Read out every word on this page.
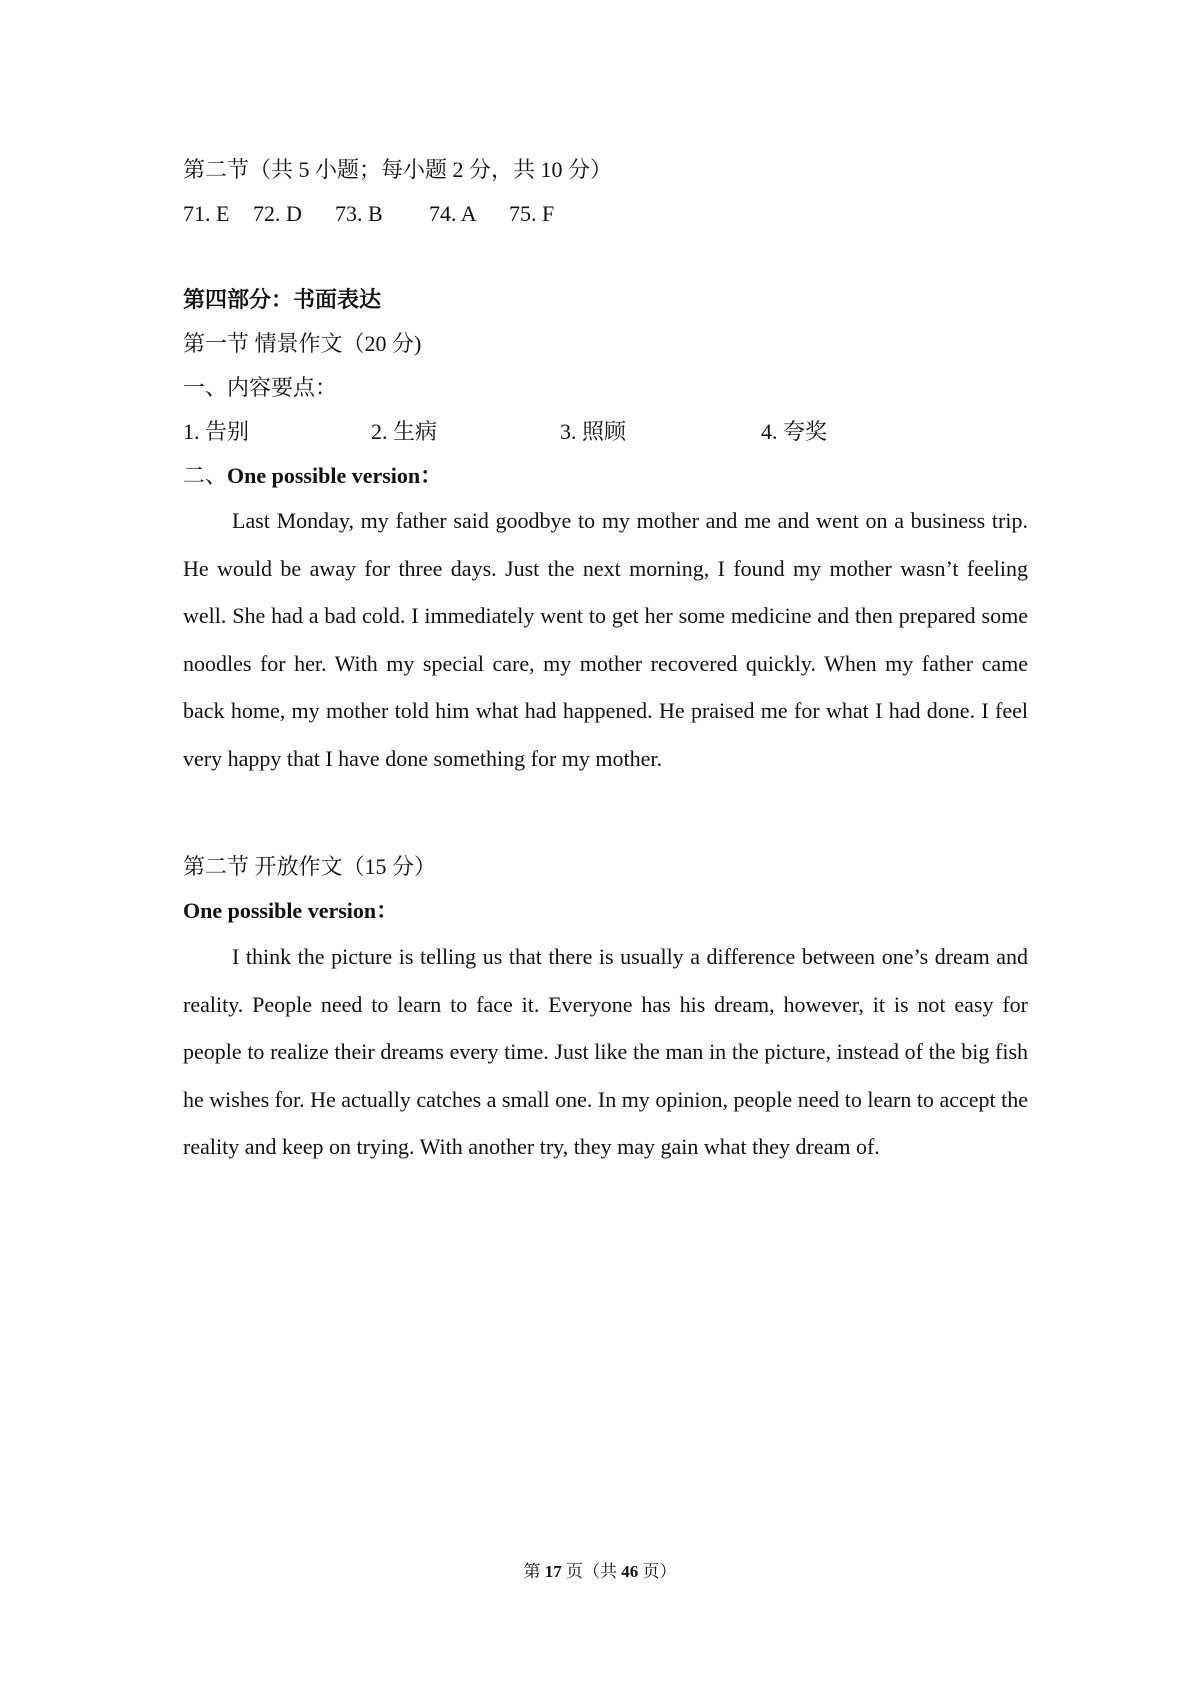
第二节（共 5 小题；每小题 2 分，共 10 分）
71. E 72. D 73. B 74. A 75. F
第四部分：书面表达
第一节 情景作文（20 分)
一、内容要点：
1. 告别	2. 生病	3. 照顾	4. 夸奖
二、One possible version：
Last Monday, my father said goodbye to my mother and me and went on a business trip. He would be away for three days. Just the next morning, I found my mother wasn’t feeling well. She had a bad cold. I immediately went to get her some medicine and then prepared some noodles for her. With my special care, my mother recovered quickly. When my father came back home, my mother told him what had happened. He praised me for what I had done. I feel very happy that I have done something for my mother.
第二节 开放作文（15 分）
One possible version：
I think the picture is telling us that there is usually a difference between one’s dream and reality. People need to learn to face it. Everyone has his dream, however, it is not easy for people to realize their dreams every time. Just like the man in the picture, instead of the big fish he wishes for. He actually catches a small one. In my opinion, people need to learn to accept the reality and keep on trying. With another try, they may gain what they dream of.
第 17 页（共 46 页）
